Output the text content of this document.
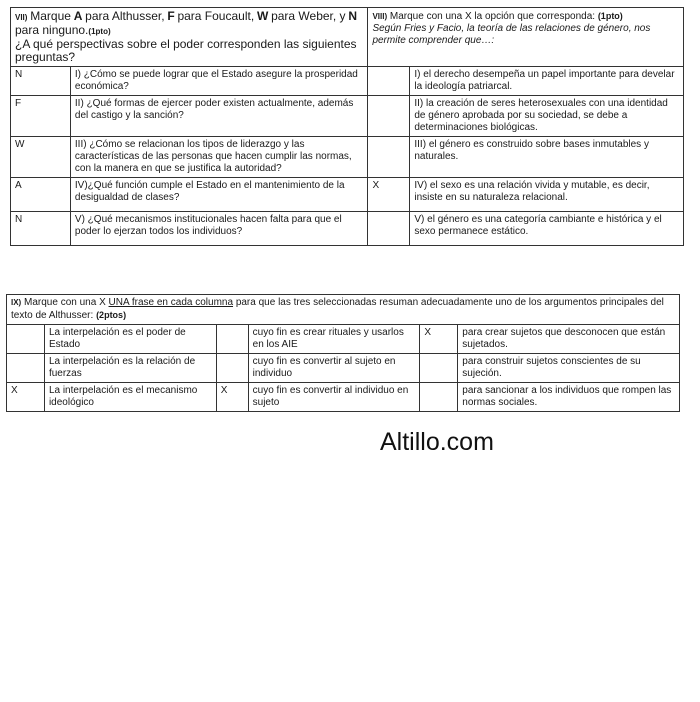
VII) Marque A para Althusser, F para Foucault, W para Weber, y N para ninguno.(1pto)
¿A qué perspectivas sobre el poder corresponden las siguientes preguntas?		VIII) Marque con una X la opción que corresponda: (1pto)
Según Fries y Facio, la teoría de las relaciones de género, nos permite comprender que…:	

N	I) ¿Cómo se puede lograr que el Estado asegure la prosperidad económica?		I) el derecho desempeña un papel importante para develar la ideología patriarcal.
F	II) ¿Qué formas de ejercer poder existen actualmente, además del castigo y la sanción?		II) la creación de seres heterosexuales con una identidad de género aprobada por su sociedad, se debe a determinaciones biológicas.
W	III) ¿Cómo se relacionan los tipos de liderazgo y las características de las personas que hacen cumplir las normas, con la manera en que se justifica la autoridad?		III) el género es construido sobre bases inmutables y naturales.
A	IV)¿Qué función cumple el Estado en el mantenimiento de la desigualdad de clases?	X	IV) el sexo es una relación vivida y mutable, es decir, insiste en su naturaleza relacional.
N	V) ¿Qué mecanismos institucionales hacen falta para que el poder lo ejerzan todos los individuos?		V) el género es una categoría cambiante e histórica y el sexo permanece estático.
IX) Marque con una X UNA frase en cada columna para que las tres seleccionadas resuman adecuadamente uno de los argumentos principales del texto de Althusser: (2ptos)					
	La interpelación es el poder de Estado		cuyo fin es crear rituales y usarlos en los AIE	X	para crear sujetos que desconocen que están sujetados.
	La interpelación es la relación de fuerzas		cuyo fin es convertir al sujeto en individuo		para construir sujetos conscientes de su sujeción.
X	La interpelación es el mecanismo ideológico	X	cuyo fin es convertir al individuo en sujeto		para sancionar a los individuos que rompen las normas sociales.
Altillo.com
